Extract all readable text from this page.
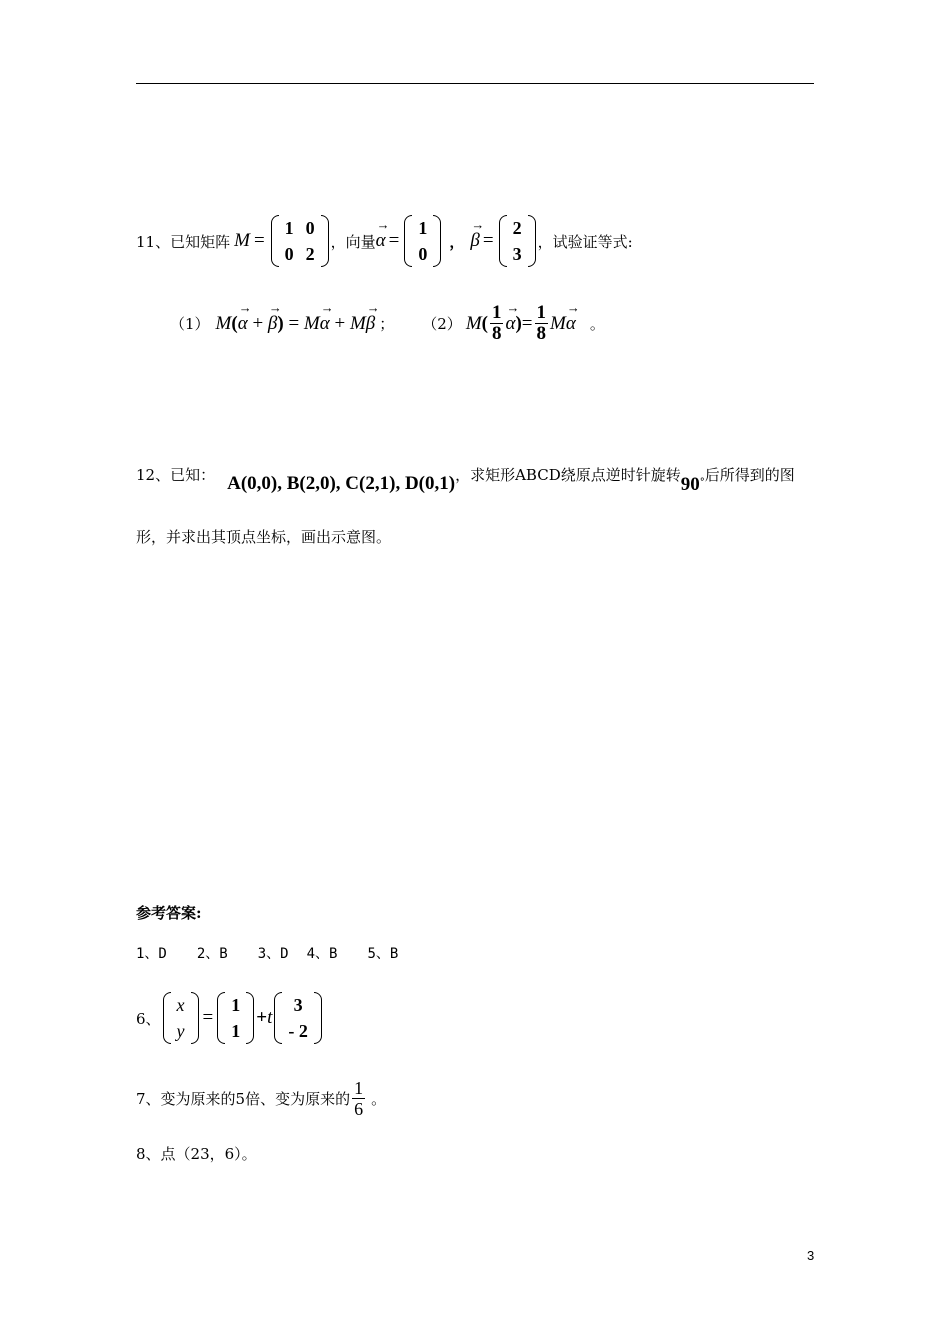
11、 已知矩阵 M =
1	0
0	2
，向量 → α =
1
0
， → β =
2
3
，试验证等式:
（1） M(→ α + → β) = M→ α + M→ β ； （2） M ( $\frac{1}{8} \to \alpha$ ) = $\frac{1}{8}$ M → α 。
12、 已知： A(0,0), B(2,0), C(2,1), D(0,1) ，求矩形ABCD绕原点逆时针旋转 90 ° 后所得到的图
形，并求出其顶点坐标，画出示意图。
参考答案:
1、D 2、B 3、D 4、B 5、B
6、
x
y
=
1
1
+ t
3
- 2
7、变为原来的5倍、变为原来的 $\frac{1}{6}$ 。
8、点（23，6）。
3
